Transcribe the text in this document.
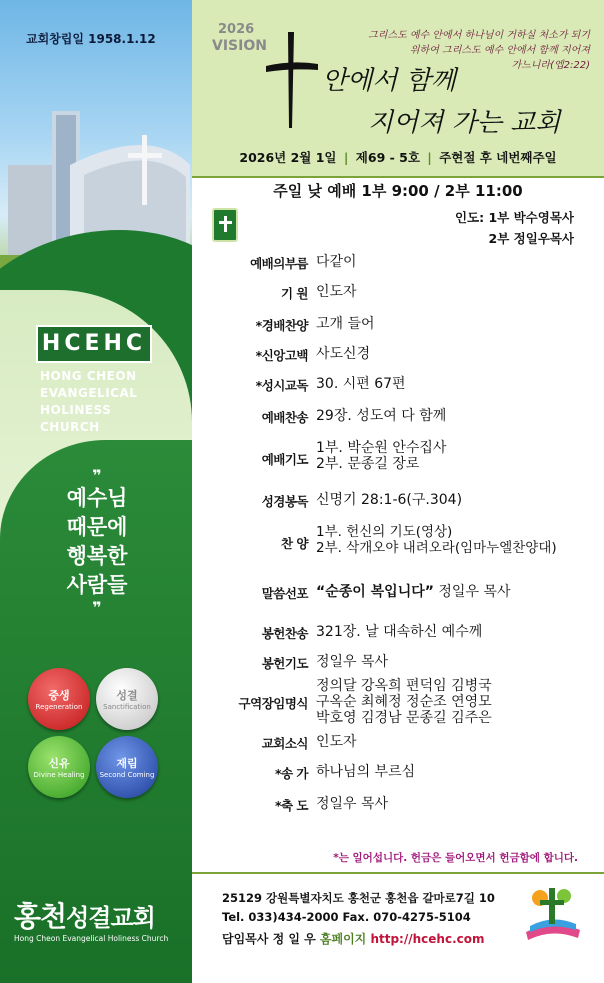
교회창립일 1958.1.12
HCEHC
HONG CHEON
EVANGELICAL
HOLINESS
CHURCH
❞
예수님
때문에
행복한
사람들
❞
중생
Regeneration
성결
Sanctification
신유
Divine Healing
재림
Second Coming
홍천성결교회
Hong Cheon Evangelical Holiness Church
2026
VISION
그리스도 예수 안에서 하나님이 거하실 처소가 되기
위하여 그리스도 예수 안에서 함께 지어져
가느니라(엡2:22)
안에서 함께
지어져 가는 교회
2026년 2월 1일 | 제69 - 5호 | 주현절 후 네번째주일
주일 낮 예배 1부 9:00 / 2부 11:00
인도: 1부 박수영목사
2부 정일우목사
예배의부름 다같이
기 원 인도자
*경배찬양 고개 들어
*신앙고백 사도신경
*성시교독 30. 시편 67편
예배찬송 29장. 성도여 다 함께
예배기도
1부. 박순원 안수집사
2부. 문종길 장로
성경봉독 신명기 28:1-6(구.304)
찬 양
1부. 헌신의 기도(영상)
2부. 삭개오야 내려오라(임마누엘찬양대)
말씀선포 “순종이 복입니다” 정일우 목사
봉헌찬송 321장. 날 대속하신 예수께
봉헌기도 정일우 목사
구역장임명식
정의달 강옥희 편덕임 김병국
구옥순 최혜정 정순조 연영모
박호영 김경남 문종길 김주은
교회소식 인도자
*송 가 하나님의 부르심
*축 도 정일우 목사
*는 일어섭니다. 헌금은 들어오면서 헌금함에 합니다.
25129 강원특별자치도 홍천군 홍천읍 갈마로7길 10
Tel. 033)434-2000 Fax. 070-4275-5104
담임목사 정 일 우 홈페이지 http://hcehc.com
